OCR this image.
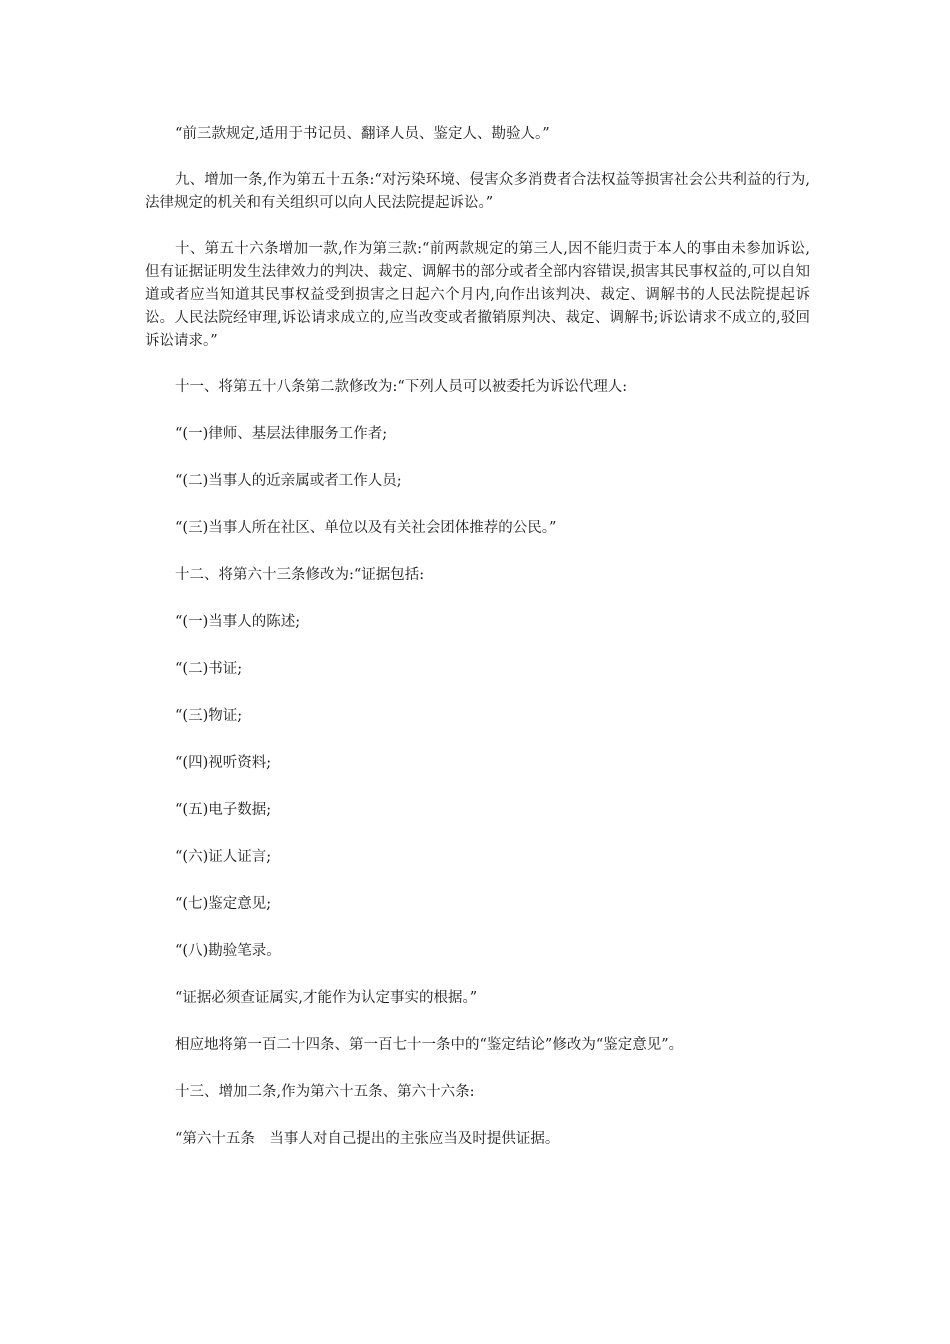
“前三款规定,适用于书记员、翻译人员、鉴定人、勘验人。”

九、增加一条,作为第五十五条:“对污染环境、侵害众多消费者合法权益等损害社会公共利益的行为,法律规定的机关和有关组织可以向人民法院提起诉讼。”

十、第五十六条增加一款,作为第三款:“前两款规定的第三人,因不能归责于本人的事由未参加诉讼,但有证据证明发生法律效力的判决、裁定、调解书的部分或者全部内容错误,损害其民事权益的,可以自知道或者应当知道其民事权益受到损害之日起六个月内,向作出该判决、裁定、调解书的人民法院提起诉讼。人民法院经审理,诉讼请求成立的,应当改变或者撤销原判决、裁定、调解书;诉讼请求不成立的,驳回诉讼请求。”

十一、将第五十八条第二款修改为:“下列人员可以被委托为诉讼代理人:

“(一)律师、基层法律服务工作者;

“(二)当事人的近亲属或者工作人员;

“(三)当事人所在社区、单位以及有关社会团体推荐的公民。”

十二、将第六十三条修改为:“证据包括:

“(一)当事人的陈述;

“(二)书证;

“(三)物证;

“(四)视听资料;

“(五)电子数据;

“(六)证人证言;

“(七)鉴定意见;

“(八)勘验笔录。

“证据必须查证属实,才能作为认定事实的根据。”

相应地将第一百二十四条、第一百七十一条中的“鉴定结论”修改为“鉴定意见”。

十三、增加二条,作为第六十五条、第六十六条:

“第六十五条　当事人对自己提出的主张应当及时提供证据。
